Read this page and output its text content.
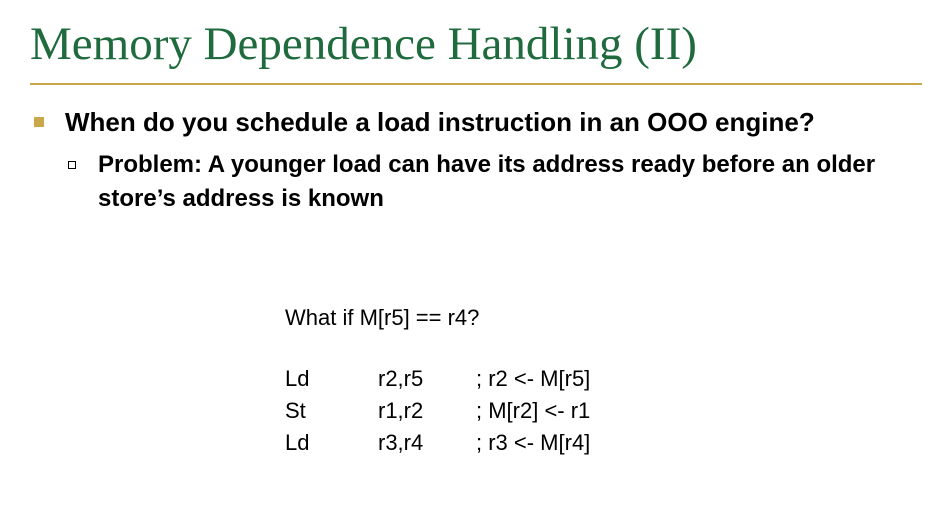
Memory Dependence Handling (II)
When do you schedule a load instruction in an OOO engine?
Problem: A younger load can have its address ready before an older store’s address is known
What if M[r5] == r4?
Ld	r2,r5	; r2 <- M[r5]
St	r1,r2	; M[r2] <- r1
Ld	r3,r4	; r3 <- M[r4]
